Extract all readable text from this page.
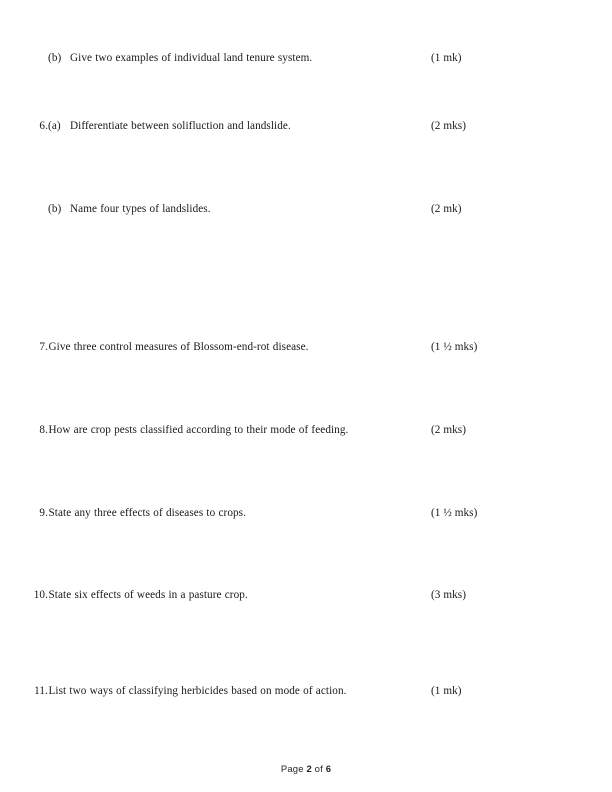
(b) Give two examples of individual land tenure system.	(1 mk)
6. (a) Differentiate between solifluction and landslide.	(2 mks)
(b) Name four types of landslides.	(2 mk)
7. Give three control measures of Blossom-end-rot disease.	(1 ½ mks)
8. How are crop pests classified according to their mode of feeding.	(2 mks)
9. State any three effects of diseases to crops.	(1 ½ mks)
10. State six effects of weeds in a pasture crop.	(3 mks)
11. List two ways of classifying herbicides based on mode of action.	(1 mk)
Page 2 of 6
